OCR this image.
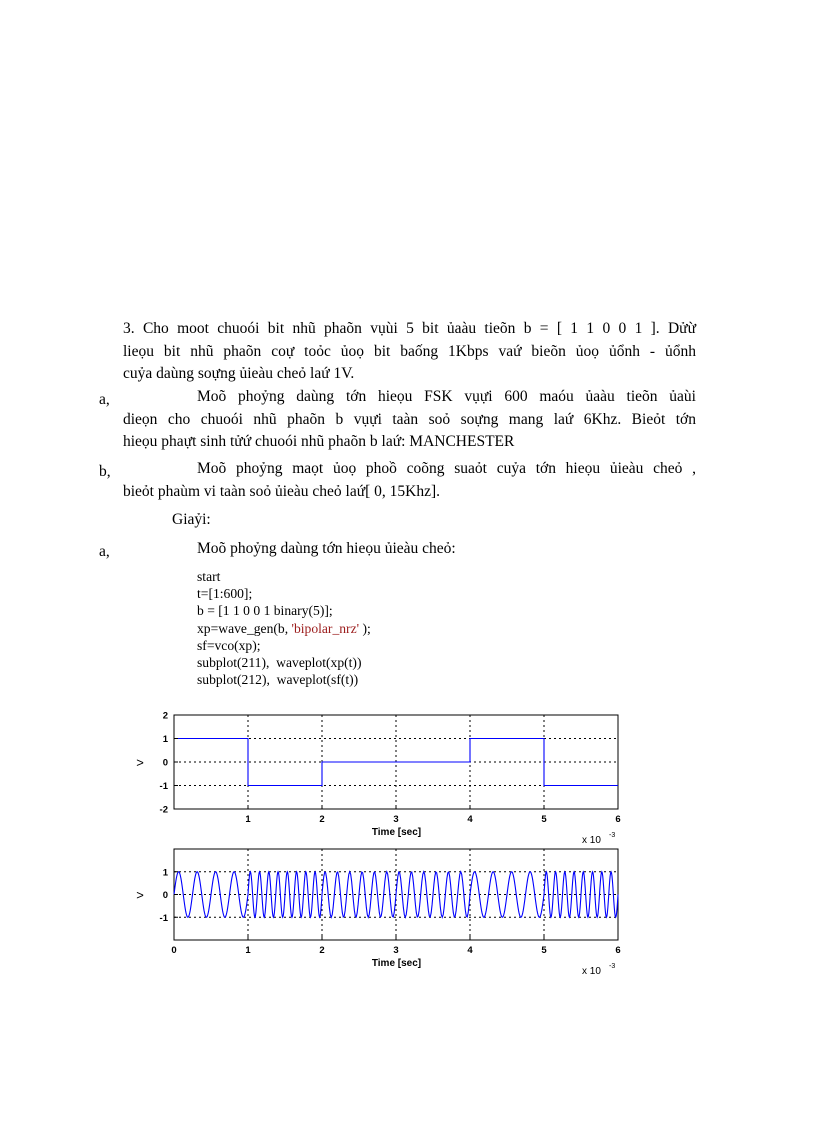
3. Cho moot chuoói bit nhũ phaõn vụùi 5 bit ủaàu tieõn b = [ 1 1 0 0 1 ]. Dửừ
lieọu bit nhũ phaõn coự toỏc ủoọ bit baống 1Kbps vaứ bieõn ủoọ ủổnh - ủổnh
cuỷa daùng soựng ủieàu cheỏ laứ 1V.
a,	Moõ phoỷng daùng tớn hieọu FSK vụựi 600 maóu ủaàu tieõn ủaùi
dieọn cho chuoói nhũ phaõn b vụựi taàn soỏ soựng mang laứ 6Khz. Bieỏt tớn
hieọu phaựt sinh tửứ chuoói nhũ phaõn b laứ: MANCHESTER
b,	Moõ phoỷng maọt ủoọ phoồ coõng suaỏt cuỷa tớn hieọu ủieàu cheỏ ,
bieỏt phaùm vi taàn soỏ ủieàu cheỏ laứ[ 0, 15Khz].
Giaỷi:
a,	Moõ phoỷng daùng tớn hieọu ủieàu cheỏ:
start
t=[1:600];
b = [1 1 0 0 1 binary(5)];
xp=wave_gen(b, 'bipolar_nrz' );
sf=vco(xp);
subplot(211),  waveplot(xp(t))
subplot(212),  waveplot(sf(t))
1	2	3	4	5	6
2
1
0
-1
-2
Time [sec]
>
x 10 -3
0	1	2	3	4	5	6
1
0
-1
Time [sec]
>
x 10 -3
